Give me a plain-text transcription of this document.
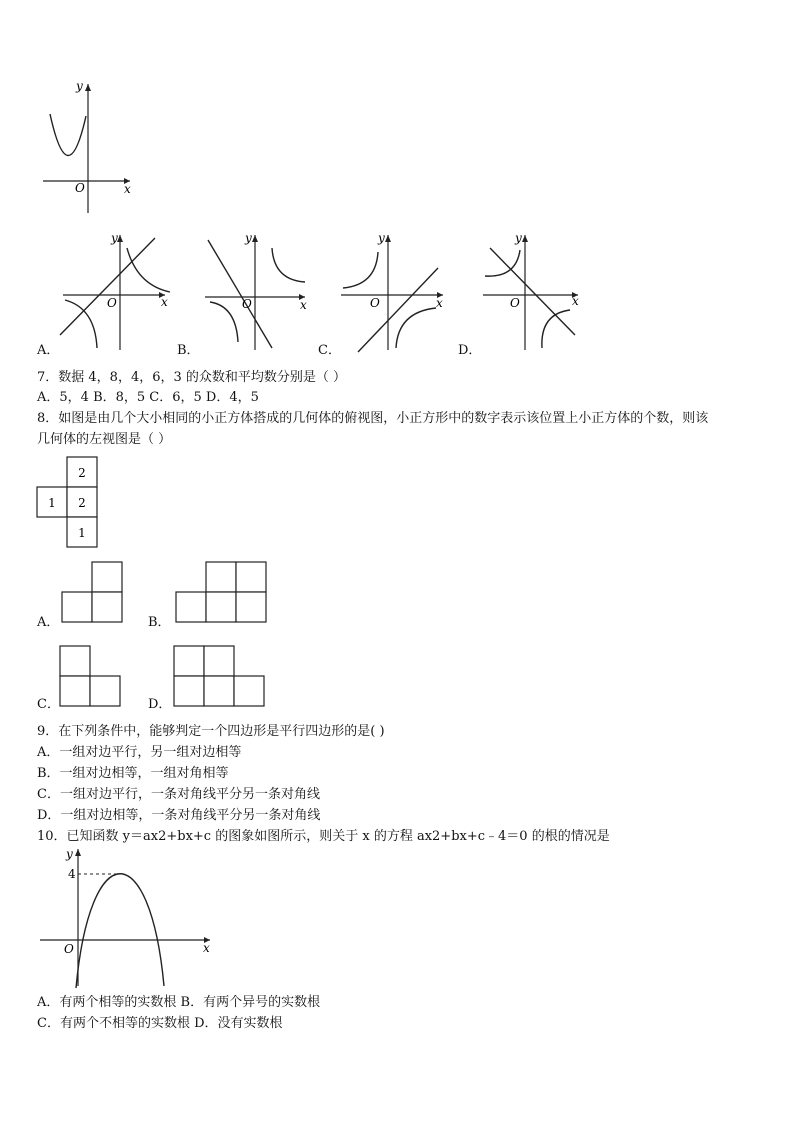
x
y
O
x
y
O
A．
x
y
O
B．
x
y
O
C．
x
y
O
D．
7．数据 4，8，4，6，3 的众数和平均数分别是（ ）
A．5，4 B．8，5 C．6，5 D．4，5
8．如图是由几个大小相同的小正方体搭成的几何体的俯视图，小正方形中的数字表示该位置上小正方体的个数，则该
几何体的左视图是（ ）
2
1 2
1
A．	B．
C．	D．
9．在下列条件中，能够判定一个四边形是平行四边形的是( )
A．一组对边平行，另一组对边相等
B．一组对边相等，一组对角相等
C．一组对边平行，一条对角线平分另一条对角线
D．一组对边相等，一条对角线平分另一条对角线
10．已知函数 y＝ax2+bx+c 的图象如图所示，则关于 x 的方程 ax2+bx+c﹣4＝0 的根的情况是
y
4
O	x
A．有两个相等的实数根 B．有两个异号的实数根
C．有两个不相等的实数根 D．没有实数根
